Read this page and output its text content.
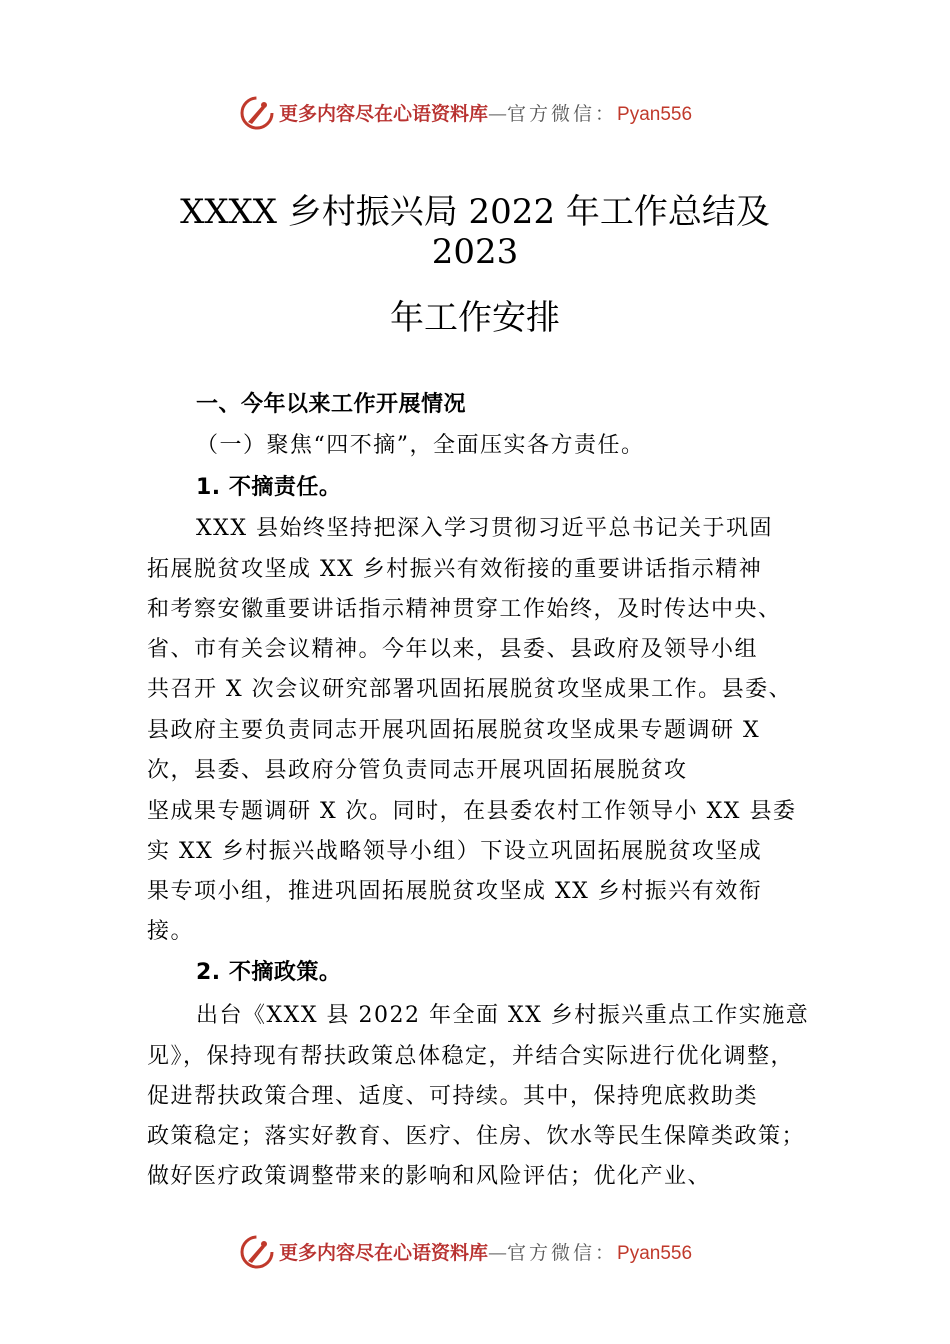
更多内容尽在心语资料库—官方微信：Pyan556
XXXX 乡村振兴局 2022 年工作总结及
2023
年工作安排
一、今年以来工作开展情况
（一）聚焦“四不摘”，全面压实各方责任。
1. 不摘责任。
XXX 县始终坚持把深入学习贯彻习近平总书记关于巩固
拓展脱贫攻坚成 XX 乡村振兴有效衔接的重要讲话指示精神
和考察安徽重要讲话指示精神贯穿工作始终，及时传达中央、
省、市有关会议精神。今年以来，县委、县政府及领导小组
共召开 X 次会议研究部署巩固拓展脱贫攻坚成果工作。县委、
县政府主要负责同志开展巩固拓展脱贫攻坚成果专题调研 X
次，县委、县政府分管负责同志开展巩固拓展脱贫攻
坚成果专题调研 X 次。同时，在县委农村工作领导小 XX 县委
实 XX 乡村振兴战略领导小组）下设立巩固拓展脱贫攻坚成
果专项小组，推进巩固拓展脱贫攻坚成 XX 乡村振兴有效衔
接。
2. 不摘政策。
出台《XXX 县 2022 年全面 XX 乡村振兴重点工作实施意
见》，保持现有帮扶政策总体稳定，并结合实际进行优化调整，
促进帮扶政策合理、适度、可持续。其中，保持兜底救助类
政策稳定；落实好教育、医疗、住房、饮水等民生保障类政策；
做好医疗政策调整带来的影响和风险评估；优化产业、
更多内容尽在心语资料库—官方微信：Pyan556
